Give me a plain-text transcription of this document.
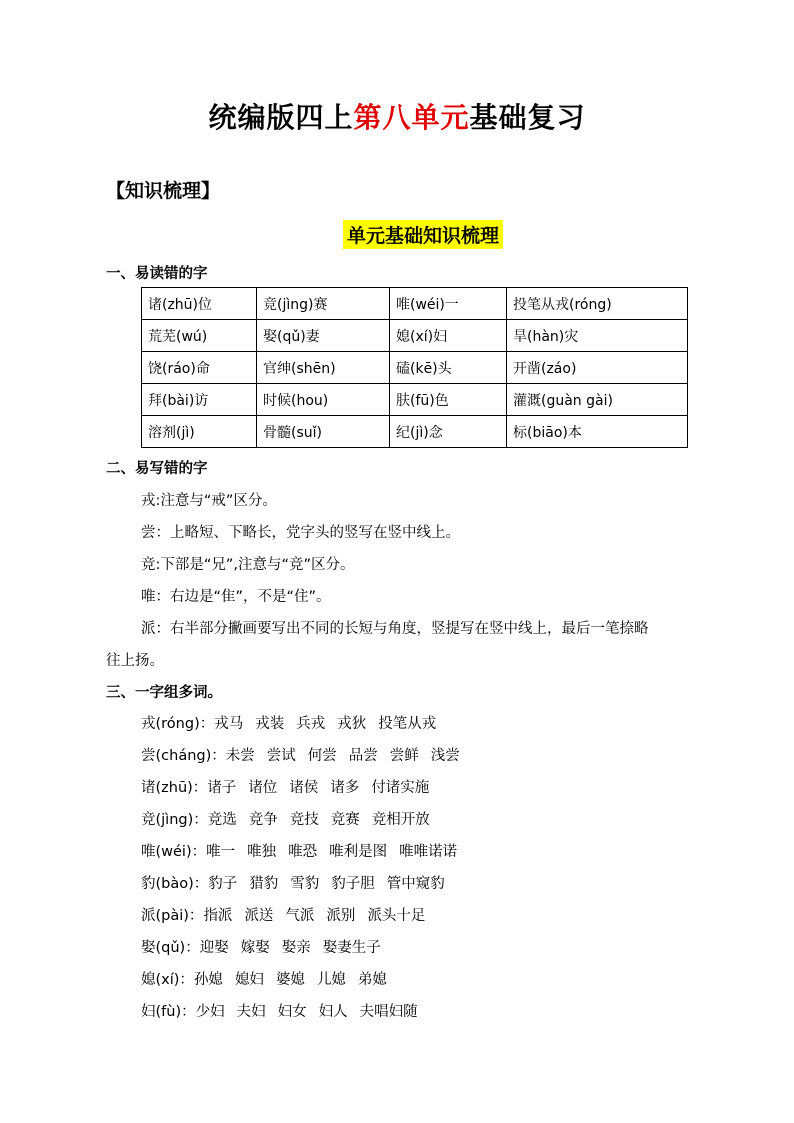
统编版四上第八单元基础复习
【知识梳理】
单元基础知识梳理
一、易读错的字
诸(zhū)位	竞(jìng)赛	唯(wéi)一	投笔从戎(róng)
荒芜(wú)	娶(qǔ)妻	媳(xí)妇	旱(hàn)灾
饶(ráo)命	官绅(shēn)	磕(kē)头	开凿(záo)
拜(bài)访	时候(hou)	肤(fū)色	灌溉(guàn gài)
溶剂(jì)	骨髓(suǐ)	纪(jì)念	标(biāo)本
二、易写错的字
戎:注意与“戒”区分。
尝：上略短、下略长，党字头的竖写在竖中线上。
竞:下部是“兄”,注意与“竞”区分。
唯：右边是“隹”，不是“住”。
派：右半部分撇画要写出不同的长短与角度，竖提写在竖中线上，最后一笔捺略
往上扬。
三、一字组多词。
戎(róng)：戎马 戎装 兵戎 戎狄 投笔从戎
尝(cháng)：未尝 尝试 何尝 品尝 尝鲜 浅尝
诸(zhū)：诸子 诸位 诸侯 诸多 付诸实施
竞(jìng)：竞选 竞争 竞技 竞赛 竞相开放
唯(wéi)：唯一 唯独 唯恐 唯利是图 唯唯诺诺
豹(bào)：豹子 猎豹 雪豹 豹子胆 管中窥豹
派(pài)：指派 派送 气派 派别 派头十足
娶(qǔ)：迎娶 嫁娶 娶亲 娶妻生子
媳(xí)：孙媳 媳妇 婆媳 儿媳 弟媳
妇(fù)：少妇 夫妇 妇女 妇人 夫唱妇随
